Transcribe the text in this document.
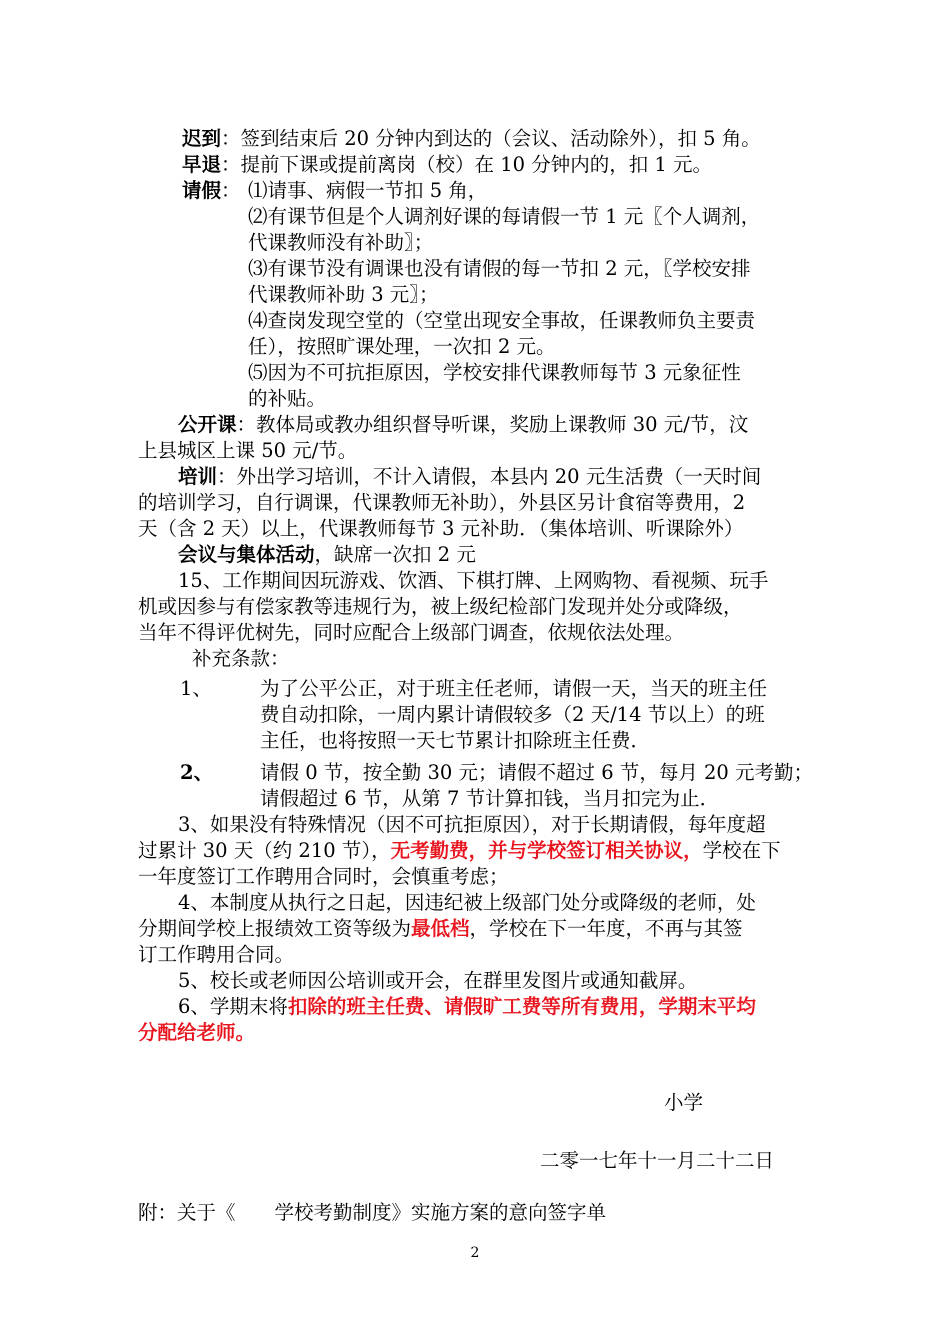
迟到：签到结束后 20 分钟内到达的（会议、活动除外），扣 5 角。
早退：提前下课或提前离岗（校）在 10 分钟内的，扣 1 元。
请假： ⑴请事、病假一节扣 5 角，
⑵有课节但是个人调剂好课的每请假一节 1 元〖个人调剂，
代课教师没有补助〗；
⑶有课节没有调课也没有请假的每一节扣 2 元，〖学校安排
代课教师补助 3 元〗；
⑷查岗发现空堂的（空堂出现安全事故，任课教师负主要责
任），按照旷课处理，一次扣 2 元。
⑸因为不可抗拒原因，学校安排代课教师每节 3 元象征性
的补贴。
公开课：教体局或教办组织督导听课，奖励上课教师 30 元/节，汶
上县城区上课 50 元/节。
培训：外出学习培训，不计入请假，本县内 20 元生活费（一天时间
的培训学习，自行调课，代课教师无补助），外县区另计食宿等费用，2
天（含 2 天）以上，代课教师每节 3 元补助．（集体培训、听课除外）
会议与集体活动，缺席一次扣 2 元
15、工作期间因玩游戏、饮酒、下棋打牌、上网购物、看视频、玩手
机或因参与有偿家教等违规行为，被上级纪检部门发现并处分或降级，
当年不得评优树先，同时应配合上级部门调查，依规依法处理。
补充条款：
1、 为了公平公正，对于班主任老师，请假一天，当天的班主任
费自动扣除，一周内累计请假较多（2 天/14 节以上）的班
主任，也将按照一天七节累计扣除班主任费．
2、 请假 0 节，按全勤 30 元；请假不超过 6 节，每月 20 元考勤；
请假超过 6 节，从第 7 节计算扣钱，当月扣完为止．
3、如果没有特殊情况（因不可抗拒原因），对于长期请假，每年度超
过累计 30 天（约 210 节），无考勤费，并与学校签订相关协议，学校在下
一年度签订工作聘用合同时，会慎重考虑；
4、本制度从执行之日起，因违纪被上级部门处分或降级的老师，处
分期间学校上报绩效工资等级为最低档，学校在下一年度，不再与其签
订工作聘用合同。
5、校长或老师因公培训或开会，在群里发图片或通知截屏。
6、学期末将扣除的班主任费、请假旷工费等所有费用，学期末平均
分配给老师。
小学
二零一七年十一月二十二日
附：关于《　　学校考勤制度》实施方案的意向签字单
2
